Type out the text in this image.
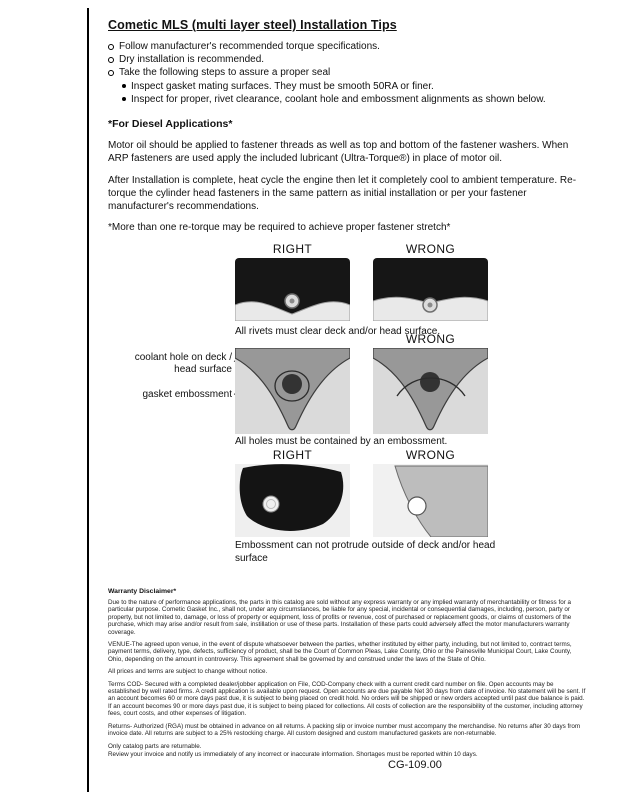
Cometic MLS (multi layer steel) Installation Tips
Follow manufacturer's recommended torque specifications.
Dry installation is recommended.
Take the following steps to assure a proper seal
Inspect gasket mating surfaces. They must be smooth 50RA or finer.
Inspect for proper, rivet clearance, coolant hole and embossment alignments as shown below.
*For Diesel Applications*

Motor oil should be applied to fastener threads as well as top and bottom of the fastener washers. When ARP fasteners are used apply the included lubricant (Ultra-Torque®) in place of motor oil.

After Installation is complete, heat cycle the engine then let it completely cool to ambient temperature. Re-torque the cylinder head fasteners in the same pattern as initial installation or per your fastener manufacturer's recommendations.

*More than one re-torque may be required to achieve proper fastener stretch*

RIGHT	WRONG
All rivets must clear deck and/or head surface.
WRONG
coolant hole on deck / head surface
gasket embossment
All holes must be contained by an embossment.
RIGHT	WRONG
Embossment can not protrude outside of deck and/or head surface
Warranty Disclaimer*

Due to the nature of performance applications, the parts in this catalog are sold without any express warranty or any implied warranty of merchantability or fitness for a particular purpose. Cometic Gasket Inc., shall not, under any circumstances, be liable for any special, incidental or consequential damages, including, person, party or property, but not limited to, damage, or loss of property or equipment, loss of profits or revenue, cost of purchased or replacement goods, or claims of customers of the purchase, which may arise and/or result from sale, instillation or use of these parts. Installation of these parts could adversely affect the motor manufacturers warranty coverage.

VENUE-The agreed upon venue, in the event of dispute whatsoever between the parties, whether instituted by either party, including, but not limited to, contract terms, payment terms, delivery, type, defects, sufficiency of product, shall be the Court of Common Pleas, Lake County, Ohio or the Painesville Municipal Court, Lake County, Ohio, depending on the amount in controversy. This agreement shall be governed by and construed under the laws of the State of Ohio.

All prices and terms are subject to change without notice.

Terms COD- Secured with a completed dealer/jobber application on File, COD-Company check with a current credit card number on file. Open accounts may be established by well rated firms. A credit application is available upon request. Open accounts are due payable Net 30 days from date of invoice. No statement will be sent. If an account becomes 60 or more days past due, it is subject to being placed on credit hold. No orders will be shipped or new orders accepted until past due balance is paid. If an account becomes 90 or more days past due, it is subject to being placed for collections. All costs of collection are the responsibility of the customer, including attorney fees, court costs, and other expenses of litigation.

Returns- Authorized (RGA) must be obtained in advance on all returns. A packing slip or invoice number must accompany the merchandise. No returns after 30 days from invoice date. All returns are subject to a 25% restocking charge. All custom designed and custom manufactured gaskets are non-returnable.

Only catalog parts are returnable.

Review your invoice and notify us immediately of any incorrect or inaccurate information. Shortages must be reported within 10 days.

CG-109.00
